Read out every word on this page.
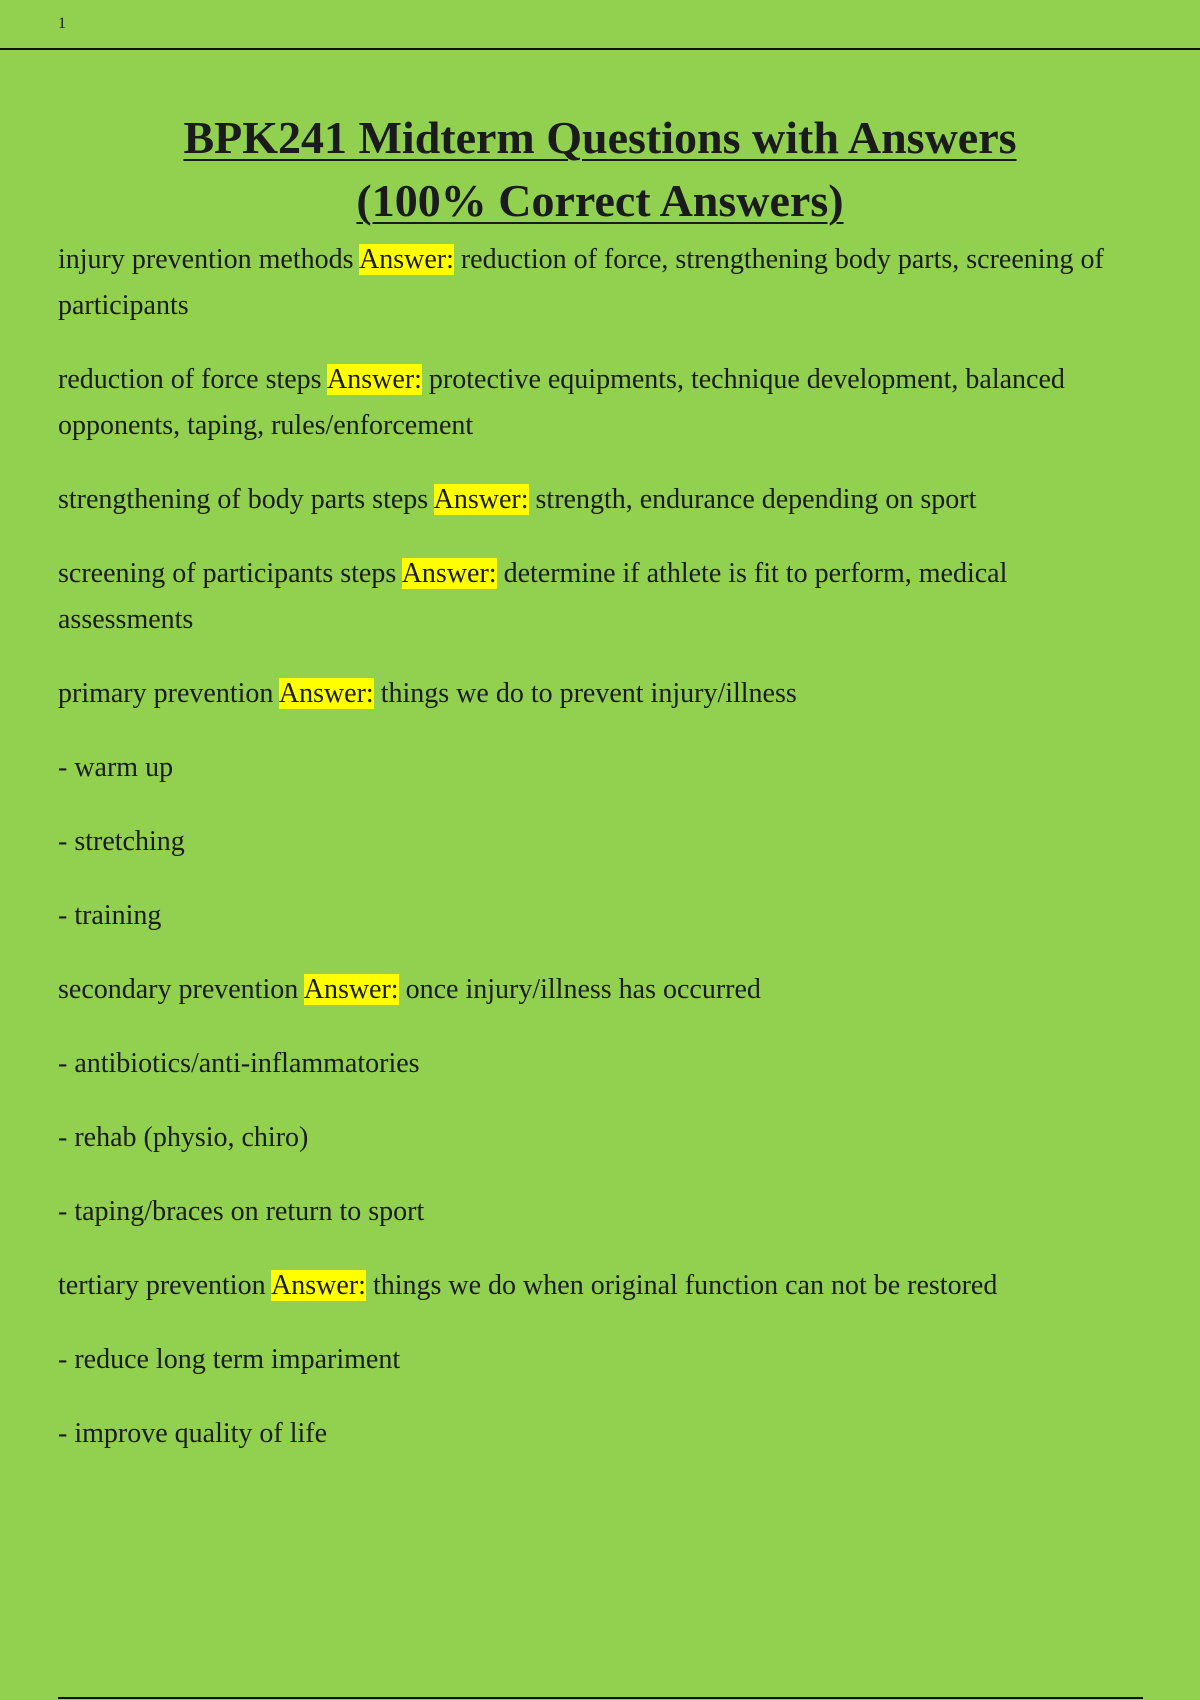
1
BPK241 Midterm Questions with Answers
(100% Correct Answers)

injury prevention methods Answer: reduction of force, strengthening body parts, screening of participants

reduction of force steps Answer: protective equipments, technique development, balanced opponents, taping, rules/enforcement

strengthening of body parts steps Answer: strength, endurance depending on sport

screening of participants steps Answer: determine if athlete is fit to perform, medical assessments

primary prevention Answer: things we do to prevent injury/illness

- warm up

- stretching

- training

secondary prevention Answer: once injury/illness has occurred

- antibiotics/anti-inflammatories

- rehab (physio, chiro)

- taping/braces on return to sport

tertiary prevention Answer: things we do when original function can not be restored

- reduce long term impariment

- improve quality of life
